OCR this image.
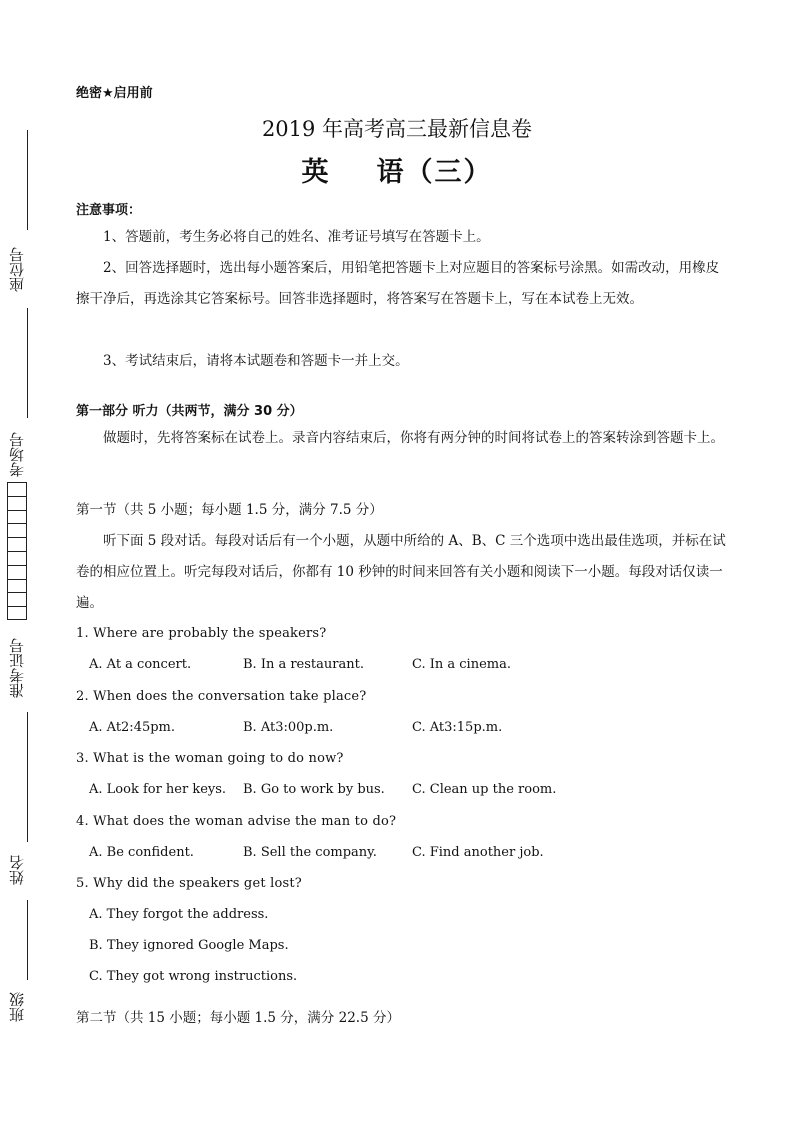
座位号
考场号
准考证号
姓名
班级
绝密★启用前
2019 年高考高三最新信息卷
英 语（三）
注意事项：
1、答题前，考生务必将自己的姓名、准考证号填写在答题卡上。
2、回答选择题时，选出每小题答案后，用铅笔把答题卡上对应题目的答案标号涂黑。如需改动，用橡皮擦干净后，再选涂其它答案标号。回答非选择题时，将答案写在答题卡上，写在本试卷上无效。
3、考试结束后，请将本试题卷和答题卡一并上交。
第一部分 听力（共两节，满分 30 分）
做题时，先将答案标在试卷上。录音内容结束后，你将有两分钟的时间将试卷上的答案转涂到答题卡上。
第一节（共 5 小题；每小题 1.5 分，满分 7.5 分）
听下面 5 段对话。每段对话后有一个小题，从题中所给的 A、B、C 三个选项中选出最佳选项，并标在试卷的相应位置上。听完每段对话后，你都有 10 秒钟的时间来回答有关小题和阅读下一小题。每段对话仅读一遍。
1. Where are probably the speakers?
A. At a concert.	B. In a restaurant.	C. In a cinema.
2. When does the conversation take place?
A. At2:45pm.	B. At3:00p.m.	C. At3:15p.m.
3. What is the woman going to do now?
A. Look for her keys. B. Go to work by bus. C. Clean up the room.
4. What does the woman advise the man to do?
A. Be confident.	B. Sell the company.	C. Find another job.
5. Why did the speakers get lost?
A. They forgot the address.
B. They ignored Google Maps.
C. They got wrong instructions.
第二节（共 15 小题；每小题 1.5 分，满分 22.5 分）
